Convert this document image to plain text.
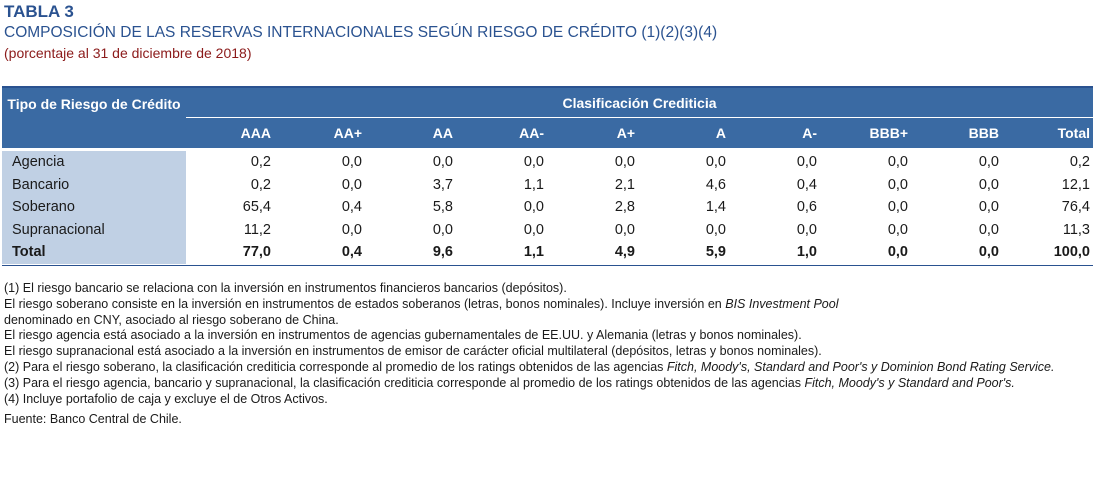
TABLA 3
COMPOSICIÓN DE LAS RESERVAS INTERNACIONALES SEGÚN RIESGO DE CRÉDITO (1)(2)(3)(4)
(porcentaje al 31 de diciembre de 2018)
Tipo de Riesgo de Crédito	Clasificación Crediticia
AAA	AA+	AA	AA-	A+	A	A-	BBB+	BBB	Total
Agencia	0,2	0,0	0,0	0,0	0,0	0,0	0,0	0,0	0,0	0,2
Bancario	0,2	0,0	3,7	1,1	2,1	4,6	0,4	0,0	0,0	12,1
Soberano	65,4	0,4	5,8	0,0	2,8	1,4	0,6	0,0	0,0	76,4
Supranacional	11,2	0,0	0,0	0,0	0,0	0,0	0,0	0,0	0,0	11,3
Total	77,0	0,4	9,6	1,1	4,9	5,9	1,0	0,0	0,0	100,0

(1) El riesgo bancario se relaciona con la inversión en instrumentos financieros bancarios (depósitos).

El riesgo soberano consiste en la inversión en instrumentos de estados soberanos (letras, bonos nominales). Incluye inversión en BIS Investment Pool

denominado en CNY, asociado al riesgo soberano de China.

El riesgo agencia está asociado a la inversión en instrumentos de agencias gubernamentales de EE.UU. y Alemania (letras y bonos nominales).

El riesgo supranacional está asociado a la inversión en instrumentos de emisor de carácter oficial multilateral (depósitos, letras y bonos nominales).

(2) Para el riesgo soberano, la clasificación crediticia corresponde al promedio de los ratings obtenidos de las agencias Fitch, Moody's, Standard and Poor's y Dominion Bond Rating Service.

(3) Para el riesgo agencia, bancario y supranacional, la clasificación crediticia corresponde al promedio de los ratings obtenidos de las agencias Fitch, Moody's y Standard and Poor's.

(4) Incluye portafolio de caja y excluye el de Otros Activos.

Fuente: Banco Central de Chile.
